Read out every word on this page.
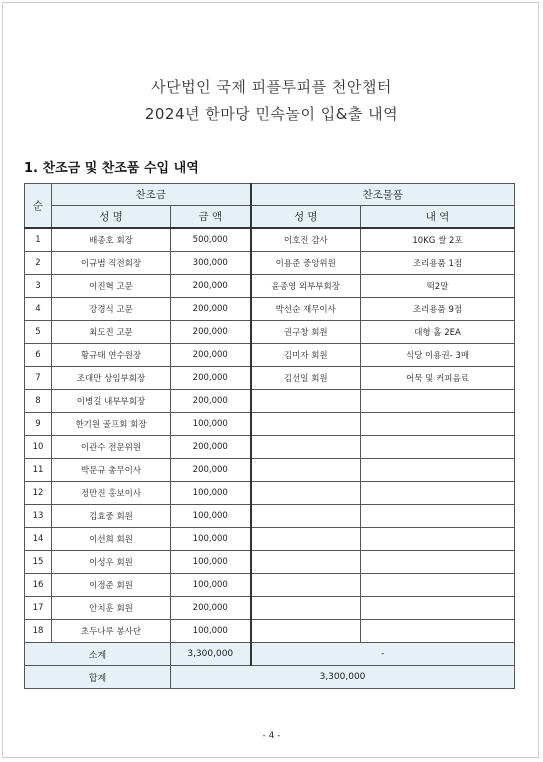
사단법인 국제 피플투피플 천안챕터
2024년 한마당 민속놀이 입&출 내역
1. 찬조금 및 찬조품 수입 내역
순	찬조금		찬조물품	
	성 명	금 액	성 명	내 역
1	배종호 회장	500,000	이호진 감사	10KG 쌀 2포
2	이규범 직전회장	300,000	이용준 중앙위원	조리용품 1점
3	이진혁 고문	200,000	윤종영 외부부회장	떡2말
4	강경식 고문	200,000	박선순 재무이사	조리용품 9점
5	최도진 고문	200,000	권구창 회원	대형 홀 2EA
6	황규태 연수원장	200,000	김미자 회원	식당 이용권- 3매
7	조대만 상임부회장	200,000	김선일 회원	어묵 및 커피음료
8	이병길 내부부회장	200,000		
9	한기원 골프회 회장	100,000		
10	이관수 전문위원	200,000		
11	박문규 총무이사	200,000		
12	정만진 홍보이사	100,000		
13	김효중 회원	100,000		
14	이선희 회원	100,000		
15	이성우 회원	100,000		
16	이정준 회원	100,000		
17	안치훈 회원	200,000		
18	초두나루 봉사단	100,000		
소계		3,300,000	-	
합계		3,300,000		
- 4 -
